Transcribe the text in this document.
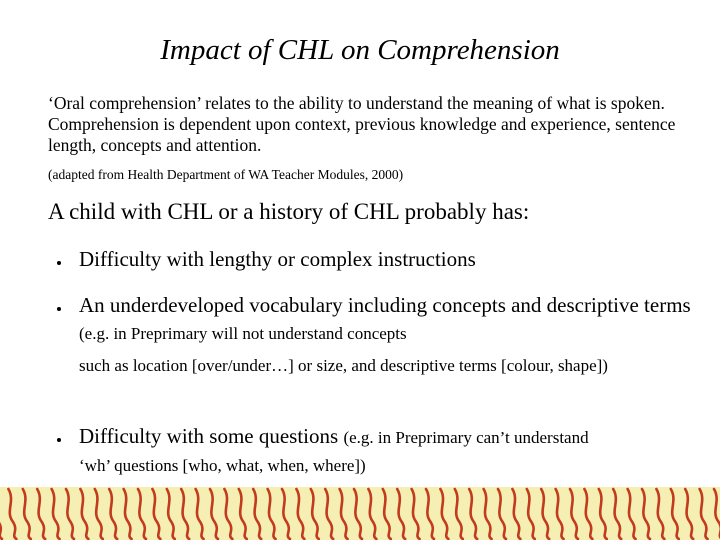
Impact of CHL on Comprehension
‘Oral comprehension’ relates to the ability to understand the meaning of what is spoken. Comprehension is dependent upon context, previous knowledge and experience, sentence length, concepts and attention.
(adapted from Health Department of WA Teacher Modules, 2000)
A child with CHL or a history of CHL probably has:
Difficulty with lengthy or complex instructions
An underdeveloped vocabulary including concepts and descriptive terms (e.g. in Preprimary will not understand concepts
such as location [over/under…] or size, and descriptive terms [colour, shape])
Difficulty with some questions (e.g. in Preprimary can’t understand
‘wh’ questions [who, what, when, where])
